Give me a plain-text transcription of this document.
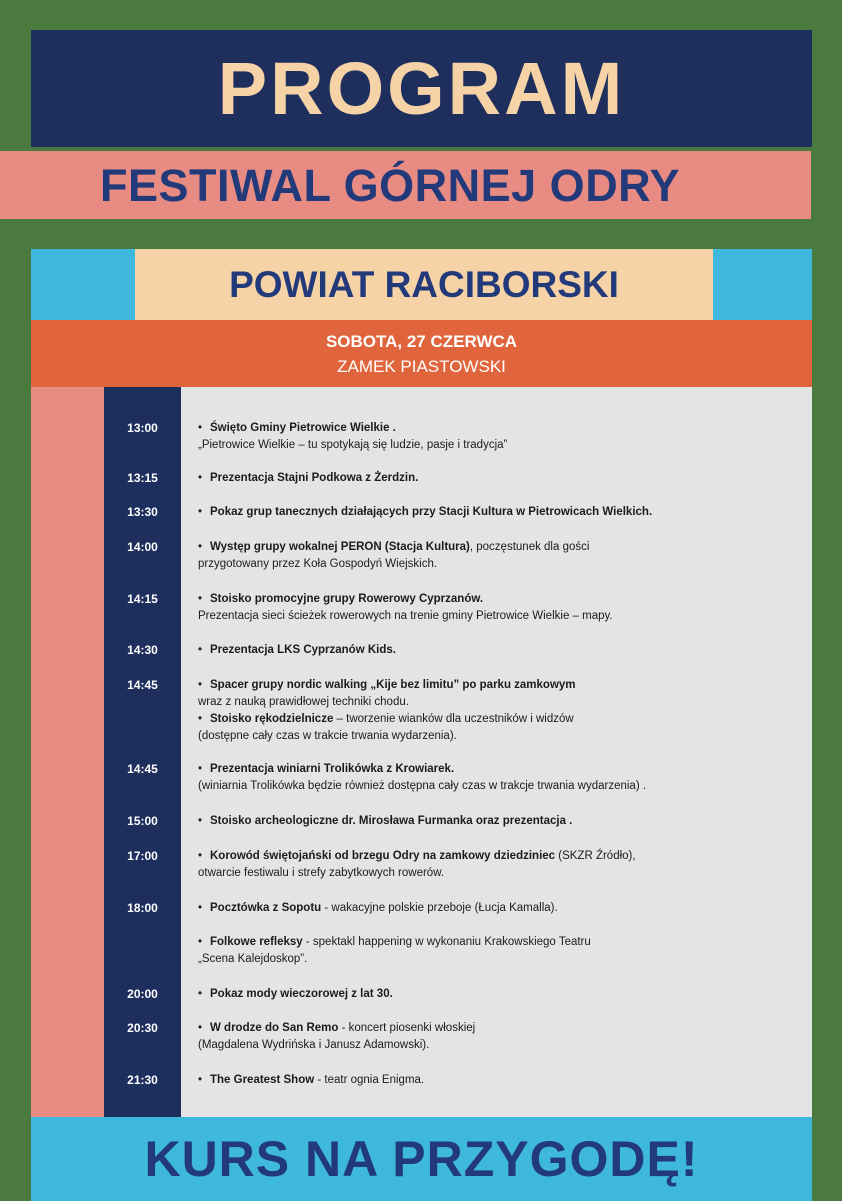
PROGRAM
POWIAT RACIBORSKI
SOBOTA, 27 CZERWCA
ZAMEK PIASTOWSKI
13:00	• Święto Gminy Pietrowice Wielkie .
„Pietrowice Wielkie – tu spotykają się ludzie, pasje i tradycja”
13:15	• Prezentacja Stajni Podkowa z Żerdzin.
13:30	• Pokaz grup tanecznych działających przy Stacji Kultura w Pietrowicach Wielkich.
14:00	• Występ grupy wokalnej PERON (Stacja Kultura), poczęstunek dla gości
przygotowany przez Koła Gospodyń Wiejskich.
14:15	• Stoisko promocyjne grupy Rowerowy Cyprzanów.
Prezentacja sieci ścieżek rowerowych na trenie gminy Pietrowice Wielkie – mapy.
14:30	• Prezentacja LKS Cyprzanów Kids.
14:45	• Spacer grupy nordic walking „Kije bez limitu” po parku zamkowym
wraz z nauką prawidłowej techniki chodu.
• Stoisko rękodzielnicze – tworzenie wianków dla uczestników i widzów
(dostępne cały czas w trakcie trwania wydarzenia).
14:45	• Prezentacja winiarni Trolikówka z Krowiarek.
(winiarnia Trolikówka będzie również dostępna cały czas w trakcje trwania wydarzenia) .
15:00	• Stoisko archeologiczne dr. Mirosława Furmanka oraz prezentacja .
17:00	• Korowód świętojański od brzegu Odry na zamkowy dziedziniec (SKZR Źródło),
otwarcie festiwalu i strefy zabytkowych rowerów.
18:00	• Pocztówka z Sopotu - wakacyjne polskie przeboje (Łucja Kamalla).
• Folkowe refleksy - spektakl happening w wykonaniu Krakowskiego Teatru
„Scena Kalejdoskop”.
20:00	• Pokaz mody wieczorowej z lat 30.
20:30	• W drodze do San Remo - koncert piosenki włoskiej
(Magdalena Wydrińska i Janusz Adamowski).
21:30	• The Greatest Show - teatr ognia Enigma.
KURS NA PRZYGODĘ!
FESTIWAL GÓRNEJ ODRY
